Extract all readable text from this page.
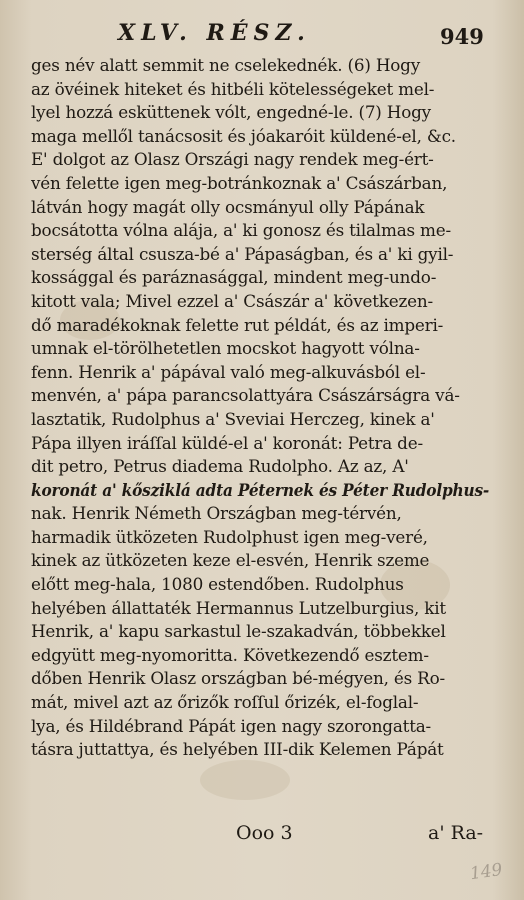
XLV. RÉSZ.	949
ges név alatt semmit ne cselekednék. (6) Hogy
az övéinek hiteket és hitbéli kötelességeket mel-
lyel hozzá esküttenek vólt, engedné-le. (7) Hogy
maga mellől tanácsosit és jóakaróit küldené-el, &c.
E' dolgot az Olasz Országi nagy rendek meg-ért-
vén felette igen meg-botránkoznak a' Császárban,
látván hogy magát olly ocsmányul olly Pápának
bocsátotta vólna alája, a' ki gonosz és tilalmas me-
sterség által csusza-bé a' Pápaságban, és a' ki gyil-
kossággal és paráznasággal, mindent meg-undo-
kitott vala; Mivel ezzel a' Császár a' következen-
dő maradékoknak felette rut példát, és az imperi-
umnak el-törölhetetlen mocskot hagyott vólna-
fenn. Henrik a' pápával való meg-alkuvásból el-
menvén, a' pápa parancsolattyára Császárságra vá-
lasztatik, Rudolphus a' Sveviai Herczeg, kinek a'
Pápa illyen iráſſal küldé-el a' koronát: Petra de-
dit petro, Petrus diadema Rudolpho. Az az, A'
koronát a' kősziklá adta Péternek és Péter Rudolphus-
nak. Henrik Németh Országban meg-térvén,
harmadik ütközeten Rudolphust igen meg-veré,
kinek az ütközeten keze el-esvén, Henrik szeme
előtt meg-hala, 1080 estendőben. Rudolphus
helyében állattaték Hermannus Lutzelburgius, kit
Henrik, a' kapu sarkastul le-szakadván, többekkel
edgyütt meg-nyomoritta. Következendő esztem-
dőben Henrik Olasz országban bé-mégyen, és Ro-
mát, mivel azt az őrizők roſſul őrizék, el-foglal-
lya, és Hildébrand Pápát igen nagy szorongatta-
tásra juttattya, és helyében III-dik Kelemen Pápát
Ooo 3	a' Ra-
149
